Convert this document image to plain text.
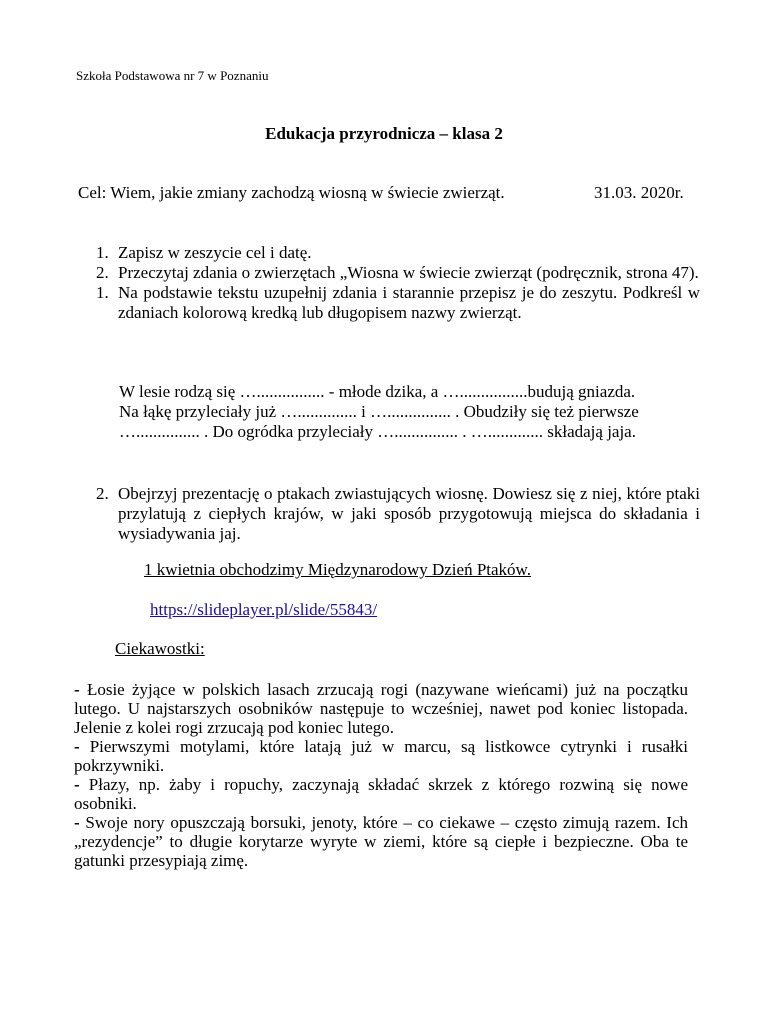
Szkoła Podstawowa nr 7 w Poznaniu
Edukacja przyrodnicza – klasa 2
Cel: Wiem, jakie zmiany zachodzą wiosną w świecie zwierząt.	31.03. 2020r.
1. Zapisz w zeszycie cel i datę.
2. Przeczytaj zdania o zwierzętach „Wiosna w świecie zwierząt (podręcznik, strona 47).
1. Na podstawie tekstu uzupełnij zdania i starannie przepisz je do zeszytu. Podkreśl w zdaniach kolorową kredką lub długopisem nazwy zwierząt.
W lesie rodzą się …................ - młode dzika, a …................budują gniazda.
Na łąkę przyleciały już ….............. i …............... . Obudziły się też pierwsze
…............... . Do ogródka przyleciały …............... . …............. składają jaja.
2. Obejrzyj prezentację o ptakach zwiastujących wiosnę. Dowiesz się z niej, które ptaki przylatują z ciepłych krajów, w jaki sposób przygotowują miejsca do składania i wysiadywania jaj.
1 kwietnia obchodzimy Międzynarodowy Dzień Ptaków.
https://slideplayer.pl/slide/55843/
Ciekawostki:

- Łosie żyjące w polskich lasach zrzucają rogi (nazywane wieńcami) już na początku lutego. U najstarszych osobników następuje to wcześniej, nawet pod koniec listopada. Jelenie z kolei rogi zrzucają pod koniec lutego.

- Pierwszymi motylami, które latają już w marcu, są listkowce cytrynki i rusałki pokrzywniki.

- Płazy, np. żaby i ropuchy, zaczynają składać skrzek z którego rozwiną się nowe osobniki.

- Swoje nory opuszczają borsuki, jenoty, które – co ciekawe – często zimują razem. Ich „rezydencje” to długie korytarze wyryte w ziemi, które są ciepłe i bezpieczne. Oba te gatunki przesypiają zimę.
